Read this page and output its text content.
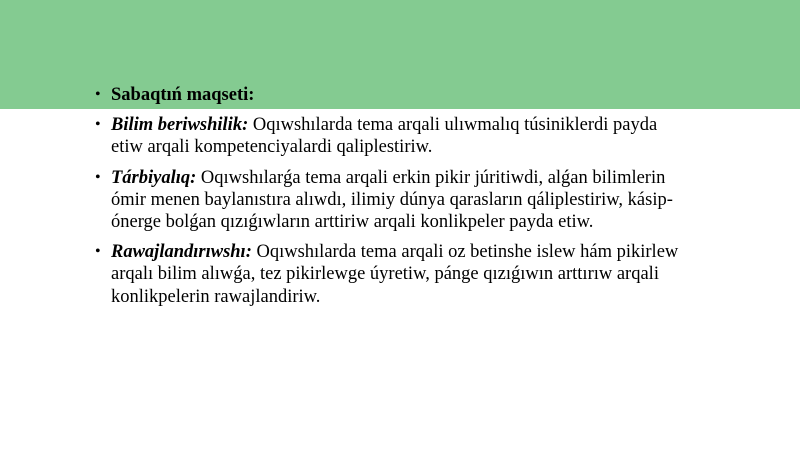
• Sabaqtıń maqseti:
• Bilim beriwshilik: Oqıwshılarda tema arqali ulıwmalıq túsiniklerdi payda etiw arqali kompetenciyalardi qaliplestiriw.
• Tárbiyalıq: Oqıwshılarǵa tema arqali erkin pikir júritiwdi, alǵan bilimlerin ómir menen baylanıstıra alıwdı, ilimiy dúnya qarasların qáliplestiriw, kásip-ónerge bolǵan qızıǵıwların arttiriw arqali konlikpeler payda etiw.
• Rawajlandırıwshı: Oqıwshılarda tema arqali oz betinshe islew hám pikirlew arqalı bilim alıwǵa, tez pikirlewge úyretiw, pánge qızıǵıwın arttırıw arqali konlikpelerin rawajlandiriw.
